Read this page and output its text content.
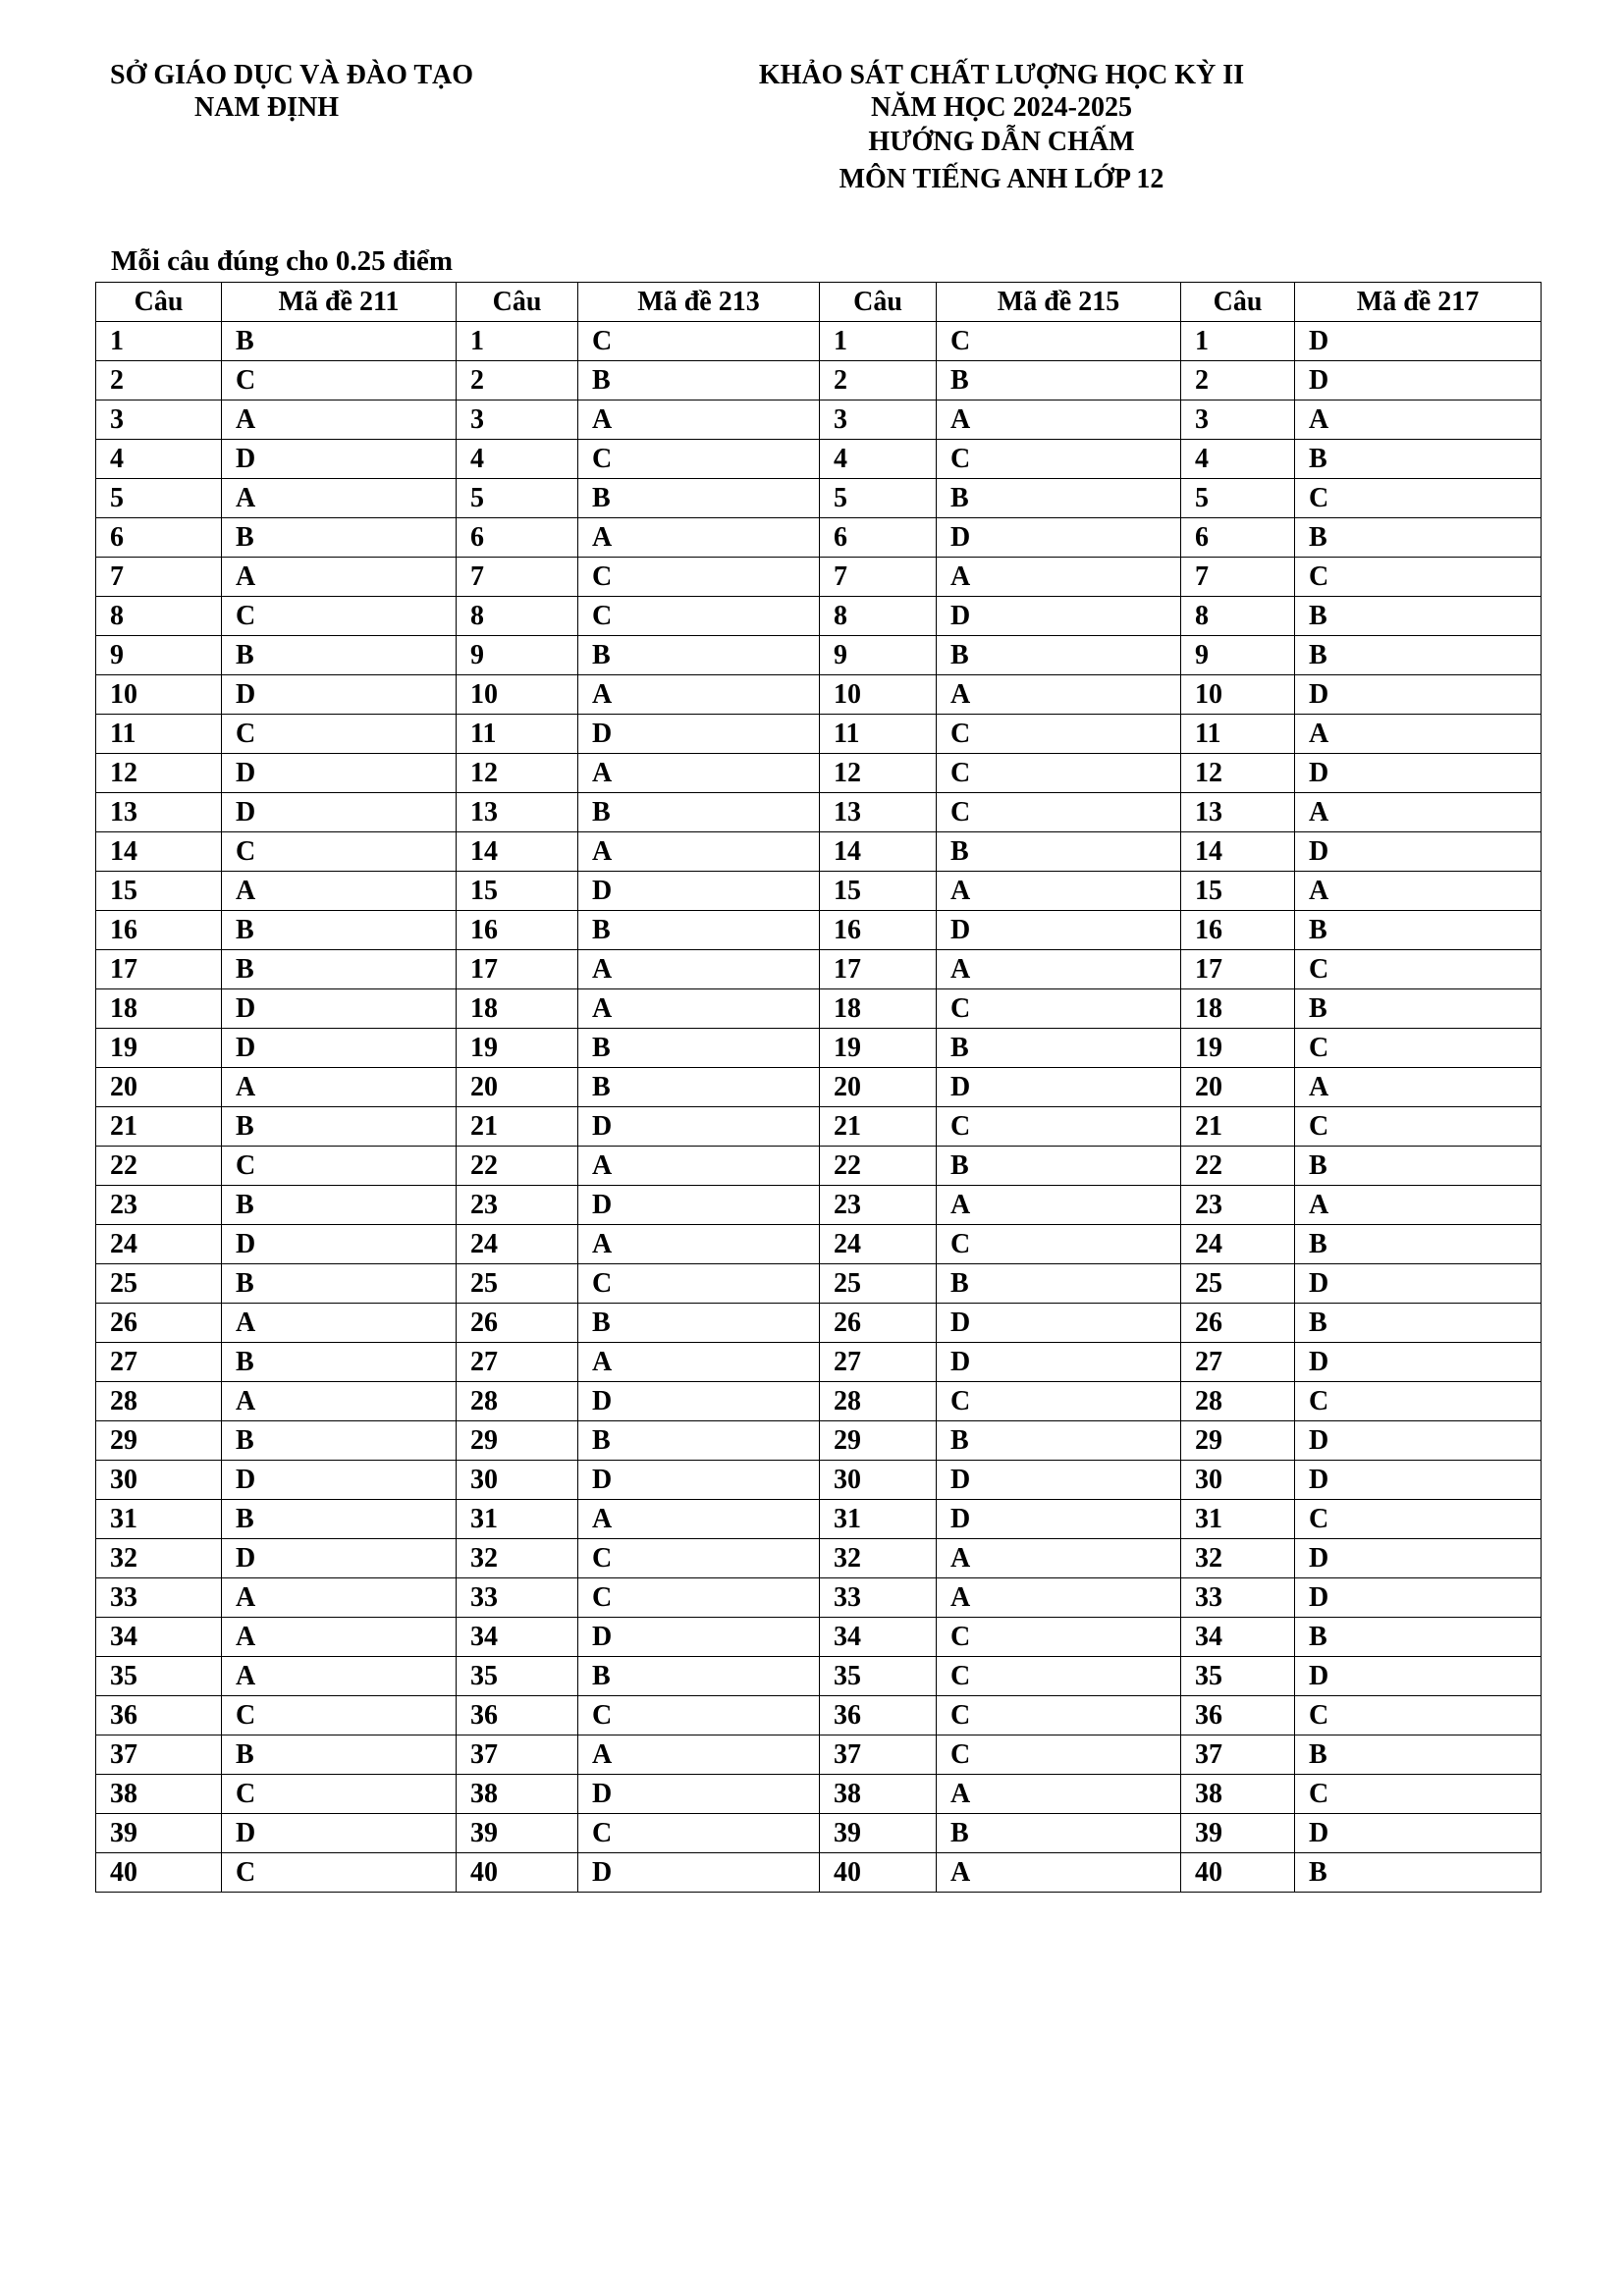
SỞ GIÁO DỤC VÀ ĐÀO TẠO
NAM ĐỊNH
KHẢO SÁT CHẤT LƯỢNG HỌC KỲ II
NĂM HỌC 2024-2025
HƯỚNG DẪN CHẤM
MÔN TIẾNG ANH LỚP 12
Mỗi câu đúng cho 0.25 điểm
Câu	Mã đề 211	Câu	Mã đề 213	Câu	Mã đề 215	Câu	Mã đề 217
1	B	1	C	1	C	1	D
2	C	2	B	2	B	2	D
3	A	3	A	3	A	3	A
4	D	4	C	4	C	4	B
5	A	5	B	5	B	5	C
6	B	6	A	6	D	6	B
7	A	7	C	7	A	7	C
8	C	8	C	8	D	8	B
9	B	9	B	9	B	9	B
10	D	10	A	10	A	10	D
11	C	11	D	11	C	11	A
12	D	12	A	12	C	12	D
13	D	13	B	13	C	13	A
14	C	14	A	14	B	14	D
15	A	15	D	15	A	15	A
16	B	16	B	16	D	16	B
17	B	17	A	17	A	17	C
18	D	18	A	18	C	18	B
19	D	19	B	19	B	19	C
20	A	20	B	20	D	20	A
21	B	21	D	21	C	21	C
22	C	22	A	22	B	22	B
23	B	23	D	23	A	23	A
24	D	24	A	24	C	24	B
25	B	25	C	25	B	25	D
26	A	26	B	26	D	26	B
27	B	27	A	27	D	27	D
28	A	28	D	28	C	28	C
29	B	29	B	29	B	29	D
30	D	30	D	30	D	30	D
31	B	31	A	31	D	31	C
32	D	32	C	32	A	32	D
33	A	33	C	33	A	33	D
34	A	34	D	34	C	34	B
35	A	35	B	35	C	35	D
36	C	36	C	36	C	36	C
37	B	37	A	37	C	37	B
38	C	38	D	38	A	38	C
39	D	39	C	39	B	39	D
40	C	40	D	40	A	40	B
